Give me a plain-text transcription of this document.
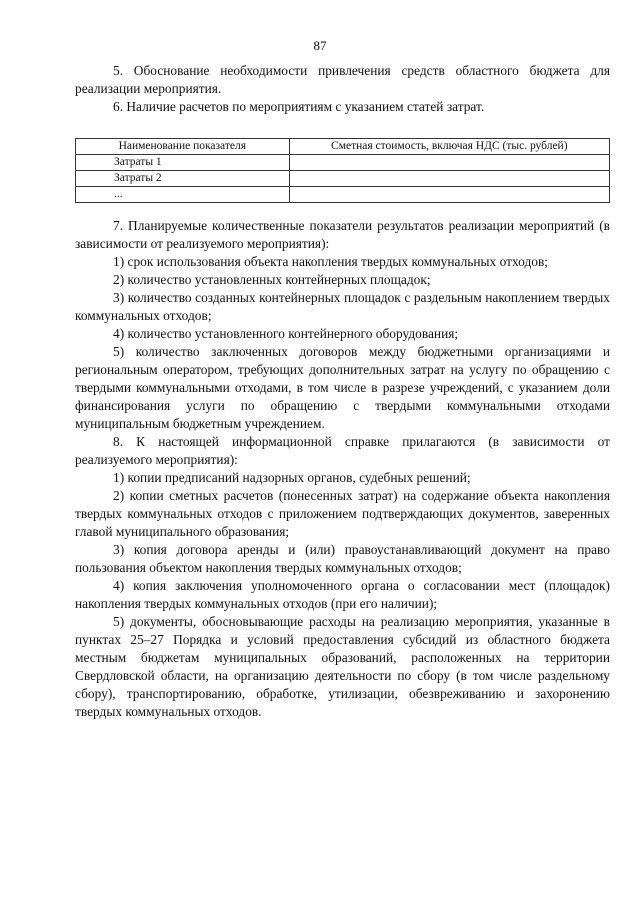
87

5. Обоснование необходимости привлечения средств областного бюджета для реализации мероприятия.

6. Наличие расчетов по мероприятиям с указанием статей затрат.

Наименование показателя	Сметная стоимость, включая НДС (тыс. рублей)
Затраты 1	
Затраты 2	
...	

7. Планируемые количественные показатели результатов реализации мероприятий (в зависимости от реализуемого мероприятия):

1) срок использования объекта накопления твердых коммунальных отходов;

2) количество установленных контейнерных площадок;

3) количество созданных контейнерных площадок с раздельным накоплением твердых коммунальных отходов;

4) количество установленного контейнерного оборудования;

5) количество заключенных договоров между бюджетными организациями и региональным оператором, требующих дополнительных затрат на услугу по обращению с твердыми коммунальными отходами, в том числе в разрезе учреждений, с указанием доли финансирования услуги по обращению с твердыми коммунальными отходами муниципальным бюджетным учреждением.

8. К настоящей информационной справке прилагаются (в зависимости от реализуемого мероприятия):

1) копии предписаний надзорных органов, судебных решений;

2) копии сметных расчетов (понесенных затрат) на содержание объекта накопления твердых коммунальных отходов с приложением подтверждающих документов, заверенных главой муниципального образования;

3) копия договора аренды и (или) правоустанавливающий документ на право пользования объектом накопления твердых коммунальных отходов;

4) копия заключения уполномоченного органа о согласовании мест (площадок) накопления твердых коммунальных отходов (при его наличии);

5) документы, обосновывающие расходы на реализацию мероприятия, указанные в пунктах 25–27 Порядка и условий предоставления субсидий из областного бюджета местным бюджетам муниципальных образований, расположенных на территории Свердловской области, на организацию деятельности по сбору (в том числе раздельному сбору), транспортированию, обработке, утилизации, обезвреживанию и захоронению твердых коммунальных отходов.
